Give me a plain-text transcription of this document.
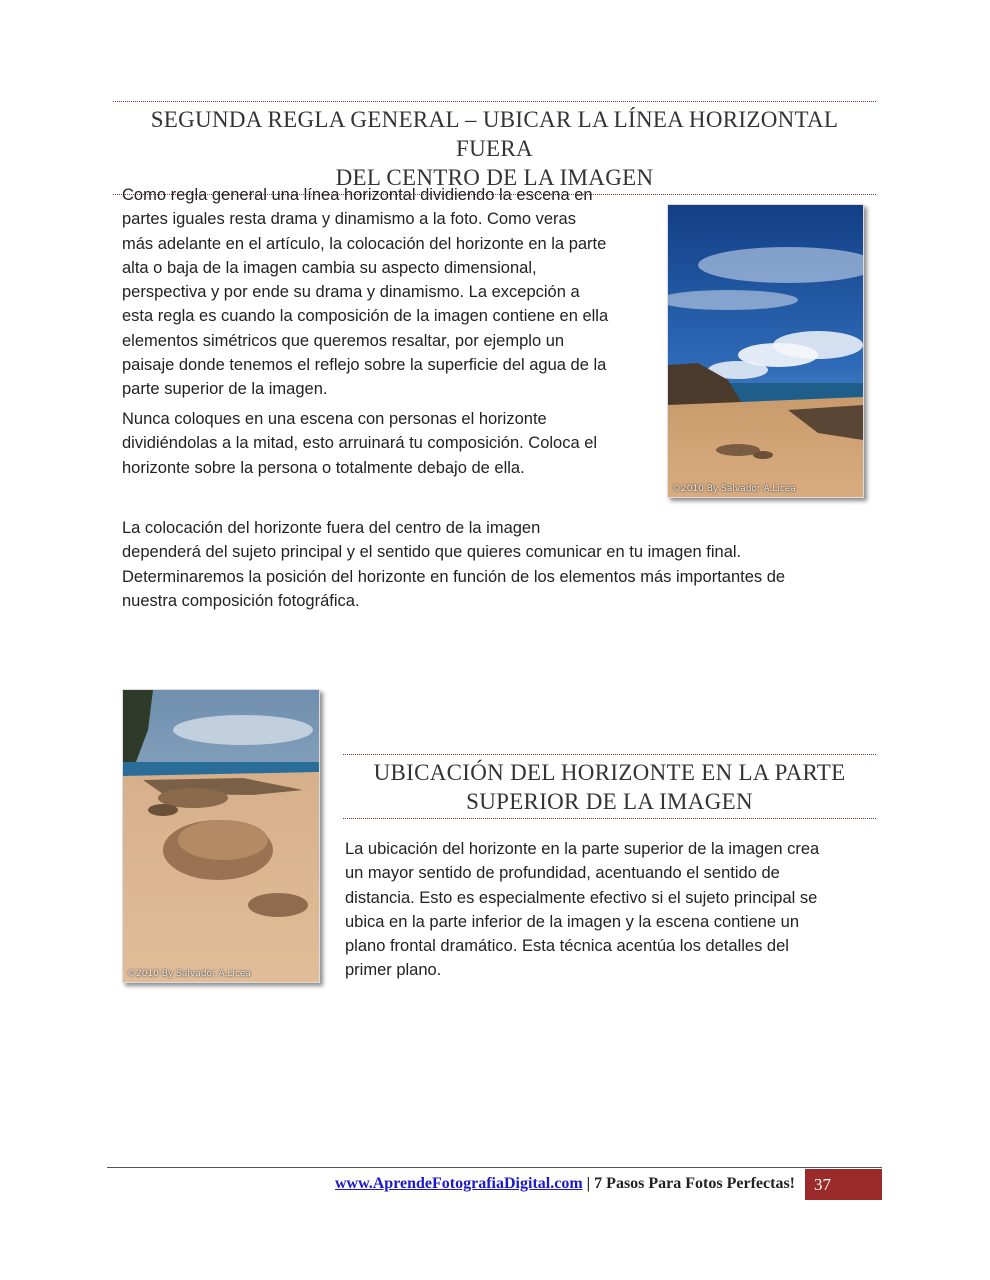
SEGUNDA REGLA GENERAL – UBICAR LA LÍNEA HORIZONTAL FUERA
DEL CENTRO DE LA IMAGEN
Como regla general una línea horizontal dividiendo la escena en
partes iguales resta drama y dinamismo a la foto. Como veras
más adelante en el artículo, la colocación del horizonte en la parte
alta o baja de la imagen cambia su aspecto dimensional,
perspectiva y por ende su drama y dinamismo. La excepción a
esta regla es cuando la composición de la imagen contiene en ella
elementos simétricos que queremos resaltar, por ejemplo un
paisaje donde tenemos el reflejo sobre la superficie del agua de la
parte superior de la imagen.
Nunca coloques en una escena con personas el horizonte
dividiéndolas a la mitad, esto arruinará tu composición. Coloca el
horizonte sobre la persona o totalmente debajo de ella.
©2010 By Salvador A.Licea
La colocación del horizonte fuera del centro de la imagen
dependerá del sujeto principal y el sentido que quieres comunicar en tu imagen final.
Determinaremos la posición del horizonte en función de los elementos más importantes de
nuestra composición fotográfica.
©2010 By Salvador A.Licea
UBICACIÓN DEL HORIZONTE EN LA PARTE
SUPERIOR DE LA IMAGEN
La ubicación del horizonte en la parte superior de la imagen crea
un mayor sentido de profundidad, acentuando el sentido de
distancia. Esto es especialmente efectivo si el sujeto principal se
ubica en la parte inferior de la imagen y la escena contiene un
plano frontal dramático. Esta técnica acentúa los detalles del
primer plano.
www.AprendeFotografiaDigital.com | 7 Pasos Para Fotos Perfectas!	37
